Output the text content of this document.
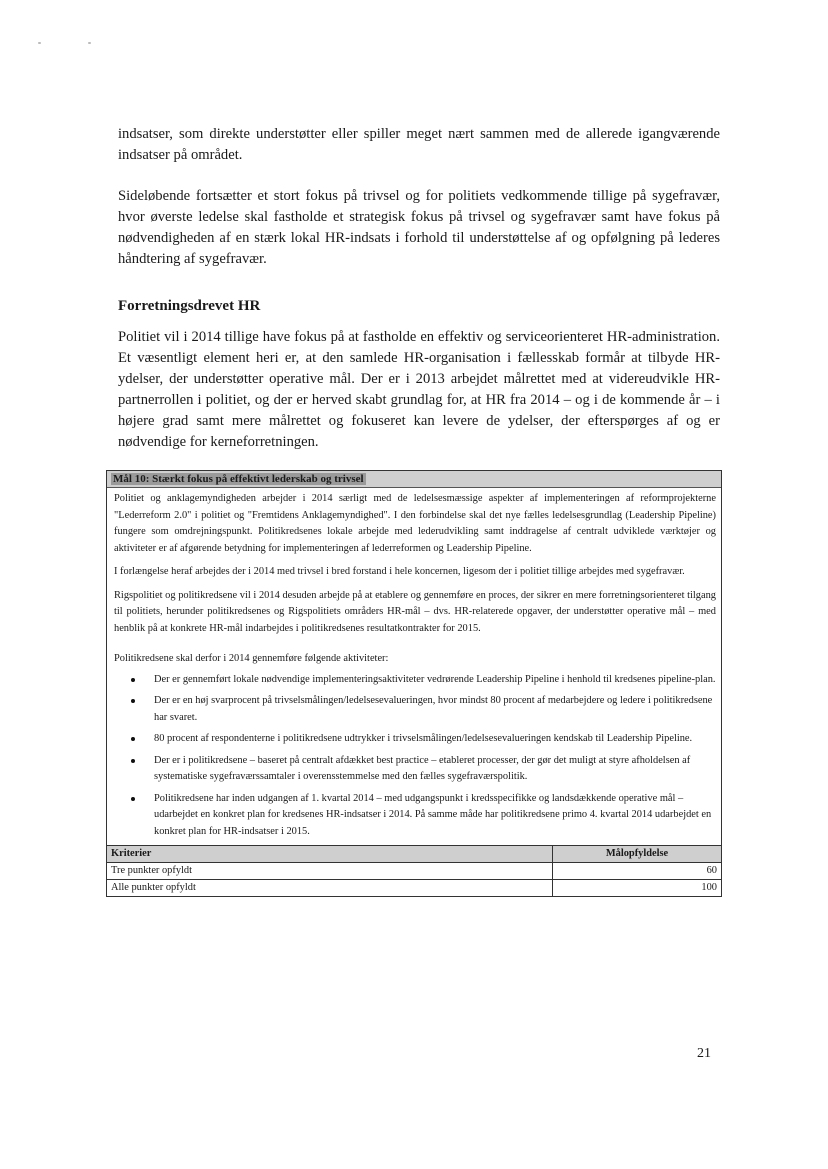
indsatser, som direkte understøtter eller spiller meget nært sammen med de allerede igangværende indsatser på området.
Sideløbende fortsætter et stort fokus på trivsel og for politiets vedkommende tillige på sygefravær, hvor øverste ledelse skal fastholde et strategisk fokus på trivsel og sygefravær samt have fokus på nødvendigheden af en stærk lokal HR-indsats i forhold til understøttelse af og opfølgning på lederes håndtering af sygefravær.
Forretningsdrevet HR
Politiet vil i 2014 tillige have fokus på at fastholde en effektiv og serviceorienteret HR-administration. Et væsentligt element heri er, at den samlede HR-organisation i fællesskab formår at tilbyde HR-ydelser, der understøtter operative mål. Der er i 2013 arbejdet målrettet med at videreudvikle HR-partnerrollen i politiet, og der er herved skabt grundlag for, at HR fra 2014 – og i de kommende år – i højere grad samt mere målrettet og fokuseret kan levere de ydelser, der efterspørges af og er nødvendige for kerneforretningen.
Mål 10: Stærkt fokus på effektivt lederskab og trivsel

Politiet og anklagemyndigheden arbejder i 2014 særligt med de ledelsesmæssige aspekter af implementeringen af reformprojekterne "Lederreform 2.0" i politiet og "Fremtidens Anklagemyndighed". I den forbindelse skal det nye fælles ledelsesgrundlag (Leadership Pipeline) fungere som omdrejningspunkt. Politikredsenes lokale arbejde med lederudvikling samt inddragelse af centralt udviklede værktøjer og aktiviteter er af afgørende betydning for implementeringen af lederreformen og Leadership Pipeline.

I forlængelse heraf arbejdes der i 2014 med trivsel i bred forstand i hele koncernen, ligesom der i politiet tillige arbejdes med sygefravær.

Rigspolitiet og politikredsene vil i 2014 desuden arbejde på at etablere og gennemføre en proces, der sikrer en mere forretningsorienteret tilgang til politiets, herunder politikredsenes og Rigspolitiets områders HR-mål – dvs. HR-relaterede opgaver, der understøtter operative mål – med henblik på at konkrete HR-mål indarbejdes i politikredsenes resultatkontrakter for 2015.

Politikredsene skal derfor i 2014 gennemføre følgende aktiviteter:

Der er gennemført lokale nødvendige implementeringsaktiviteter vedrørende Leadership Pipeline i henhold til kredsenes pipeline-plan.
Der er en høj svarprocent på trivselsmålingen/ledelsesevalueringen, hvor mindst 80 procent af medarbejdere og ledere i politikredsene har svaret.
80 procent af respondenterne i politikredsene udtrykker i trivselsmålingen/ledelsesevalueringen kendskab til Leadership Pipeline.
Der er i politikredsene – baseret på centralt afdækket best practice – etableret processer, der gør det muligt at styre afholdelsen af systematiske sygefraværssamtaler i overensstemmelse med den fælles sygefraværspolitik.
Politikredsene har inden udgangen af 1. kvartal 2014 – med udgangspunkt i kredsspecifikke og landsdækkende operative mål – udarbejdet en konkret plan for kredsenes HR-indsatser i 2014. På samme måde har politikredsene primo 4. kvartal 2014 udarbejdet en konkret plan for HR-indsatser i 2015.
Kriterier	Målopfyldelse
Tre punkter opfyldt	60
Alle punkter opfyldt	100
21
